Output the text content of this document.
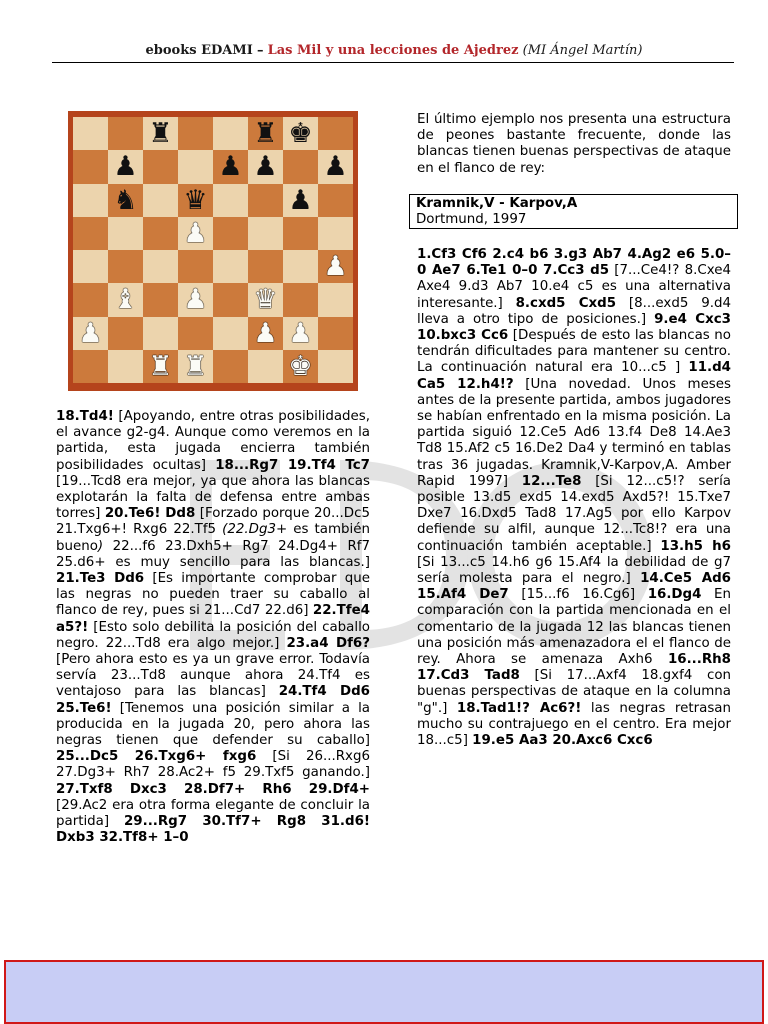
ebooks EDAMI – Las Mil y una lecciones de Ajedrez (MI Ángel Martín)
♜	♜ ♚
♟	♟ ♟ ♟
♞ ♛	♟
♟
♟
♝ ♟ ♛
♟	♟ ♟
♜ ♜	♚
El último ejemplo nos presenta una estructura de peones bastante frecuente, donde las blancas tienen buenas perspectivas de ataque en el flanco de rey:
Kramnik,V - Karpov,A
Dortmund, 1997
18.Td4! [Apoyando, entre otras posibilidades, el avance g2-g4. Aunque como veremos en la partida, esta jugada encierra también posibilidades ocultas] 18...Rg7 19.Tf4 Tc7 [19...Tcd8 era mejor, ya que ahora las blancas explotarán la falta de defensa entre ambas torres] 20.Te6! Dd8 [Forzado porque 20...Dc5 21.Txg6+! Rxg6 22.Tf5 (22.Dg3+ es también bueno) 22...f6 23.Dxh5+ Rg7 24.Dg4+ Rf7 25.d6+ es muy sencillo para las blancas.] 21.Te3 Dd6 [Es importante comprobar que las negras no pueden traer su caballo al flanco de rey, pues si 21...Cd7 22.d6] 22.Tfe4 a5?! [Esto solo debilita la posición del caballo negro. 22...Td8 era algo mejor.] 23.a4 Df6? [Pero ahora esto es ya un grave error. Todavía servía 23...Td8 aunque ahora 24.Tf4 es ventajoso para las blancas] 24.Tf4 Dd6 25.Te6! [Tenemos una posición similar a la producida en la jugada 20, pero ahora las negras tienen que defender su caballo] 25...Dc5 26.Txg6+ fxg6 [Si 26...Rxg6 27.Dg3+ Rh7 28.Ac2+ f5 29.Txf5 ganando.] 27.Txf8 Dxc3 28.Df7+ Rh6 29.Df4+ [29.Ac2 era otra forma elegante de concluir la partida] 29...Rg7 30.Tf7+ Rg8 31.d6! Dxb3 32.Tf8+ 1–0
1.Cf3 Cf6 2.c4 b6 3.g3 Ab7 4.Ag2 e6 5.0–0 Ae7 6.Te1 0–0 7.Cc3 d5 [7...Ce4!? 8.Cxe4 Axe4 9.d3 Ab7 10.e4 c5 es una alternativa interesante.] 8.cxd5 Cxd5 [8...exd5 9.d4 lleva a otro tipo de posiciones.] 9.e4 Cxc3 10.bxc3 Cc6 [Después de esto las blancas no tendrán dificultades para mantener su centro. La continuación natural era 10...c5 ] 11.d4 Ca5 12.h4!? [Una novedad. Unos meses antes de la presente partida, ambos jugadores se habían enfrentado en la misma posición. La partida siguió 12.Ce5 Ad6 13.f4 De8 14.Ae3 Td8 15.Af2 c5 16.De2 Da4 y terminó en tablas tras 36 jugadas. Kramnik,V-Karpov,A. Amber Rapid 1997] 12...Te8 [Si 12...c5!? sería posible 13.d5 exd5 14.exd5 Axd5?! 15.Txe7 Dxe7 16.Dxd5 Tad8 17.Ag5 por ello Karpov defiende su alfil, aunque 12...Tc8!? era una continuación también aceptable.] 13.h5 h6 [Si 13...c5 14.h6 g6 15.Af4 la debilidad de g7 sería molesta para el negro.] 14.Ce5 Ad6 15.Af4 De7 [15...f6 16.Cg6] 16.Dg4 En comparación con la partida mencionada en el comentario de la jugada 12 las blancas tienen una posición más amenazadora el el flanco de rey. Ahora se amenaza Axh6 16...Rh8 17.Cd3 Tad8 [Si 17...Axf4 18.gxf4 con buenas perspectivas de ataque en la columna "g".] 18.Tad1!? Ac6?! las negras retrasan mucho su contrajuego en el centro. Era mejor 18...c5] 19.e5 Aa3 20.Axc6 Cxc6
